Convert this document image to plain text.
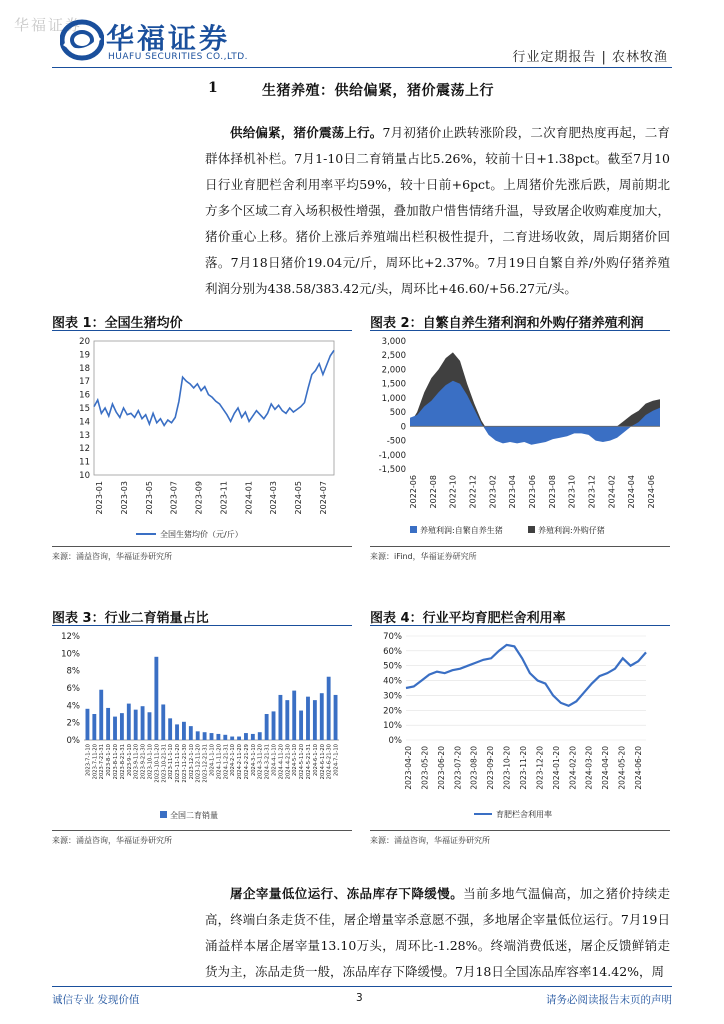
华福证券 华福证券
HUAFU SECURITIES CO.,LTD.	行业定期报告 | 农林牧渔
1	生猪养殖：供给偏紧，猪价震荡上行
供给偏紧，猪价震荡上行。7月初猪价止跌转涨阶段，二次育肥热度再起，二育群体择机补栏。7月1-10日二育销量占比5.26%，较前十日+1.38pct。截至7月10日行业育肥栏舍利用率平均59%，较十日前+6pct。上周猪价先涨后跌，周前期北方多个区域二育入场积极性增强，叠加散户惜售情绪升温，导致屠企收购难度加大，猪价重心上移。猪价上涨后养殖端出栏积极性提升，二育进场收敛，周后期猪价回落。7月18日猪价19.04元/斤，周环比+2.37%。7月19日自繁自养/外购仔猪养殖利润分别为438.58/383.42元/头，周环比+46.60/+56.27元/头。
图表 1：全国生猪均价
10
11
12
13
14
15
16
17
18
19
20
2023-01 2023-03 2023-05 2023-07 2023-09 2023-11 2024-01 2024-03 2024-05 2024-07
全国生猪均价（元/斤）
来源：涌益咨询，华福证券研究所
图表 2：自繁自养生猪利润和外购仔猪养殖利润
-1,500
-1,000
-500
0
500
1,000
1,500
2,000
2,500
3,000
2022-06 2022-08 2022-10 2022-12 2023-02 2023-04 2023-06 2023-08 2023-10 2023-12 2024-02 2024-04 2024-06
养殖利润:自繁自养生猪	养殖利润:外购仔猪
来源：iFind，华福证券研究所
图表 3：行业二育销量占比
0%
2%
4%
6%
8%
10%
12%
2023-7-1-10 2023-7-11-20 2023-7-21-31 2023-8-1-10 2023-8-11-20 2023-8-21-31 2023-9-1-10 2023-9-11-20 2023-9-21-30 2023-10-1-10 2023-10-11-20 2023-10-21-31 2023-11-1-10 2023-11-11-20 2023-11-21-30 2023-12-1-10 2023-12-11-20 2023-12-21-31 2024-1-1-10 2024-1-11-20 2024-1-21-31 2024-2-1-10 2024-2-11-20 2024-2-21-29 2024-3-1-10 2024-3-11-20 2024-3-21-31 2024-4-1-10 2024-4-11-20 2024-4-21-30 2024-5-1-10 2024-5-11-20 2024-5-21-31 2024-6-1-10 2024-6-11-20 2024-6-21-30 2024-7-1-10
全国二育销量
来源：涌益咨询，华福证券研究所
图表 4：行业平均育肥栏舍利用率
0%
10%
20%
30%
40%
50%
60%
70%
2023-04-20 2023-05-20 2023-06-20 2023-07-20 2023-08-20 2023-09-20 2023-10-20 2023-11-20 2023-12-20 2024-01-20 2024-02-20 2024-03-20 2024-04-20 2024-05-20 2024-06-20
育肥栏舍利用率
来源：涌益咨询，华福证券研究所
屠企宰量低位运行、冻品库存下降缓慢。当前多地气温偏高，加之猪价持续走高，终端白条走货不佳，屠企增量宰杀意愿不强，多地屠企宰量低位运行。7月19日涌益样本屠企屠宰量13.10万头，周环比-1.28%。终端消费低迷，屠企反馈鲜销走货为主，冻品走货一般，冻品库存下降缓慢。7月18日全国冻品库容率14.42%，周
诚信专业 发现价值	3	请务必阅读报告末页的声明
